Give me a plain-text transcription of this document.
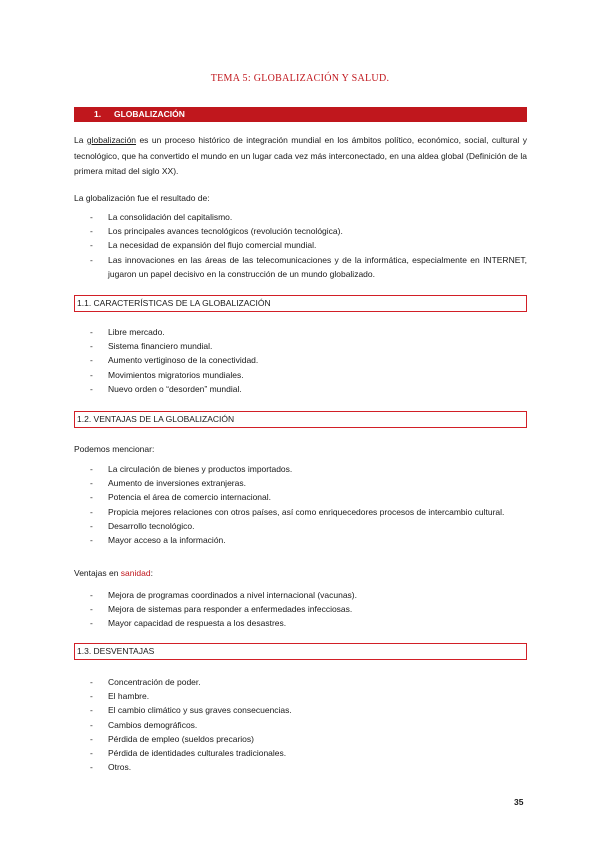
TEMA 5: GLOBALIZACIÓN Y SALUD.
1. GLOBALIZACIÓN
La globalización es un proceso histórico de integración mundial en los ámbitos político, económico, social, cultural y tecnológico, que ha convertido el mundo en un lugar cada vez más interconectado, en una aldea global (Definición de la primera mitad del siglo XX).
La globalización fue el resultado de:
- La consolidación del capitalismo.
- Los principales avances tecnológicos (revolución tecnológica).
- La necesidad de expansión del flujo comercial mundial.
- Las innovaciones en las áreas de las telecomunicaciones y de la informática, especialmente en INTERNET, jugaron un papel decisivo en la construcción de un mundo globalizado.
1.1. CARACTERÍSTICAS DE LA GLOBALIZACIÓN
- Libre mercado.
- Sistema financiero mundial.
- Aumento vertiginoso de la conectividad.
- Movimientos migratorios mundiales.
- Nuevo orden o “desorden” mundial.
1.2. VENTAJAS DE LA GLOBALIZACIÓN
Podemos mencionar:
- La circulación de bienes y productos importados.
- Aumento de inversiones extranjeras.
- Potencia el área de comercio internacional.
- Propicia mejores relaciones con otros países, así como enriquecedores procesos de intercambio cultural.
- Desarrollo tecnológico.
- Mayor acceso a la información.
Ventajas en sanidad:
- Mejora de programas coordinados a nivel internacional (vacunas).
- Mejora de sistemas para responder a enfermedades infecciosas.
- Mayor capacidad de respuesta a los desastres.
1.3. DESVENTAJAS
- Concentración de poder.
- El hambre.
- El cambio climático y sus graves consecuencias.
- Cambios demográficos.
- Pérdida de empleo (sueldos precarios)
- Pérdida de identidades culturales tradicionales.
- Otros.
35
